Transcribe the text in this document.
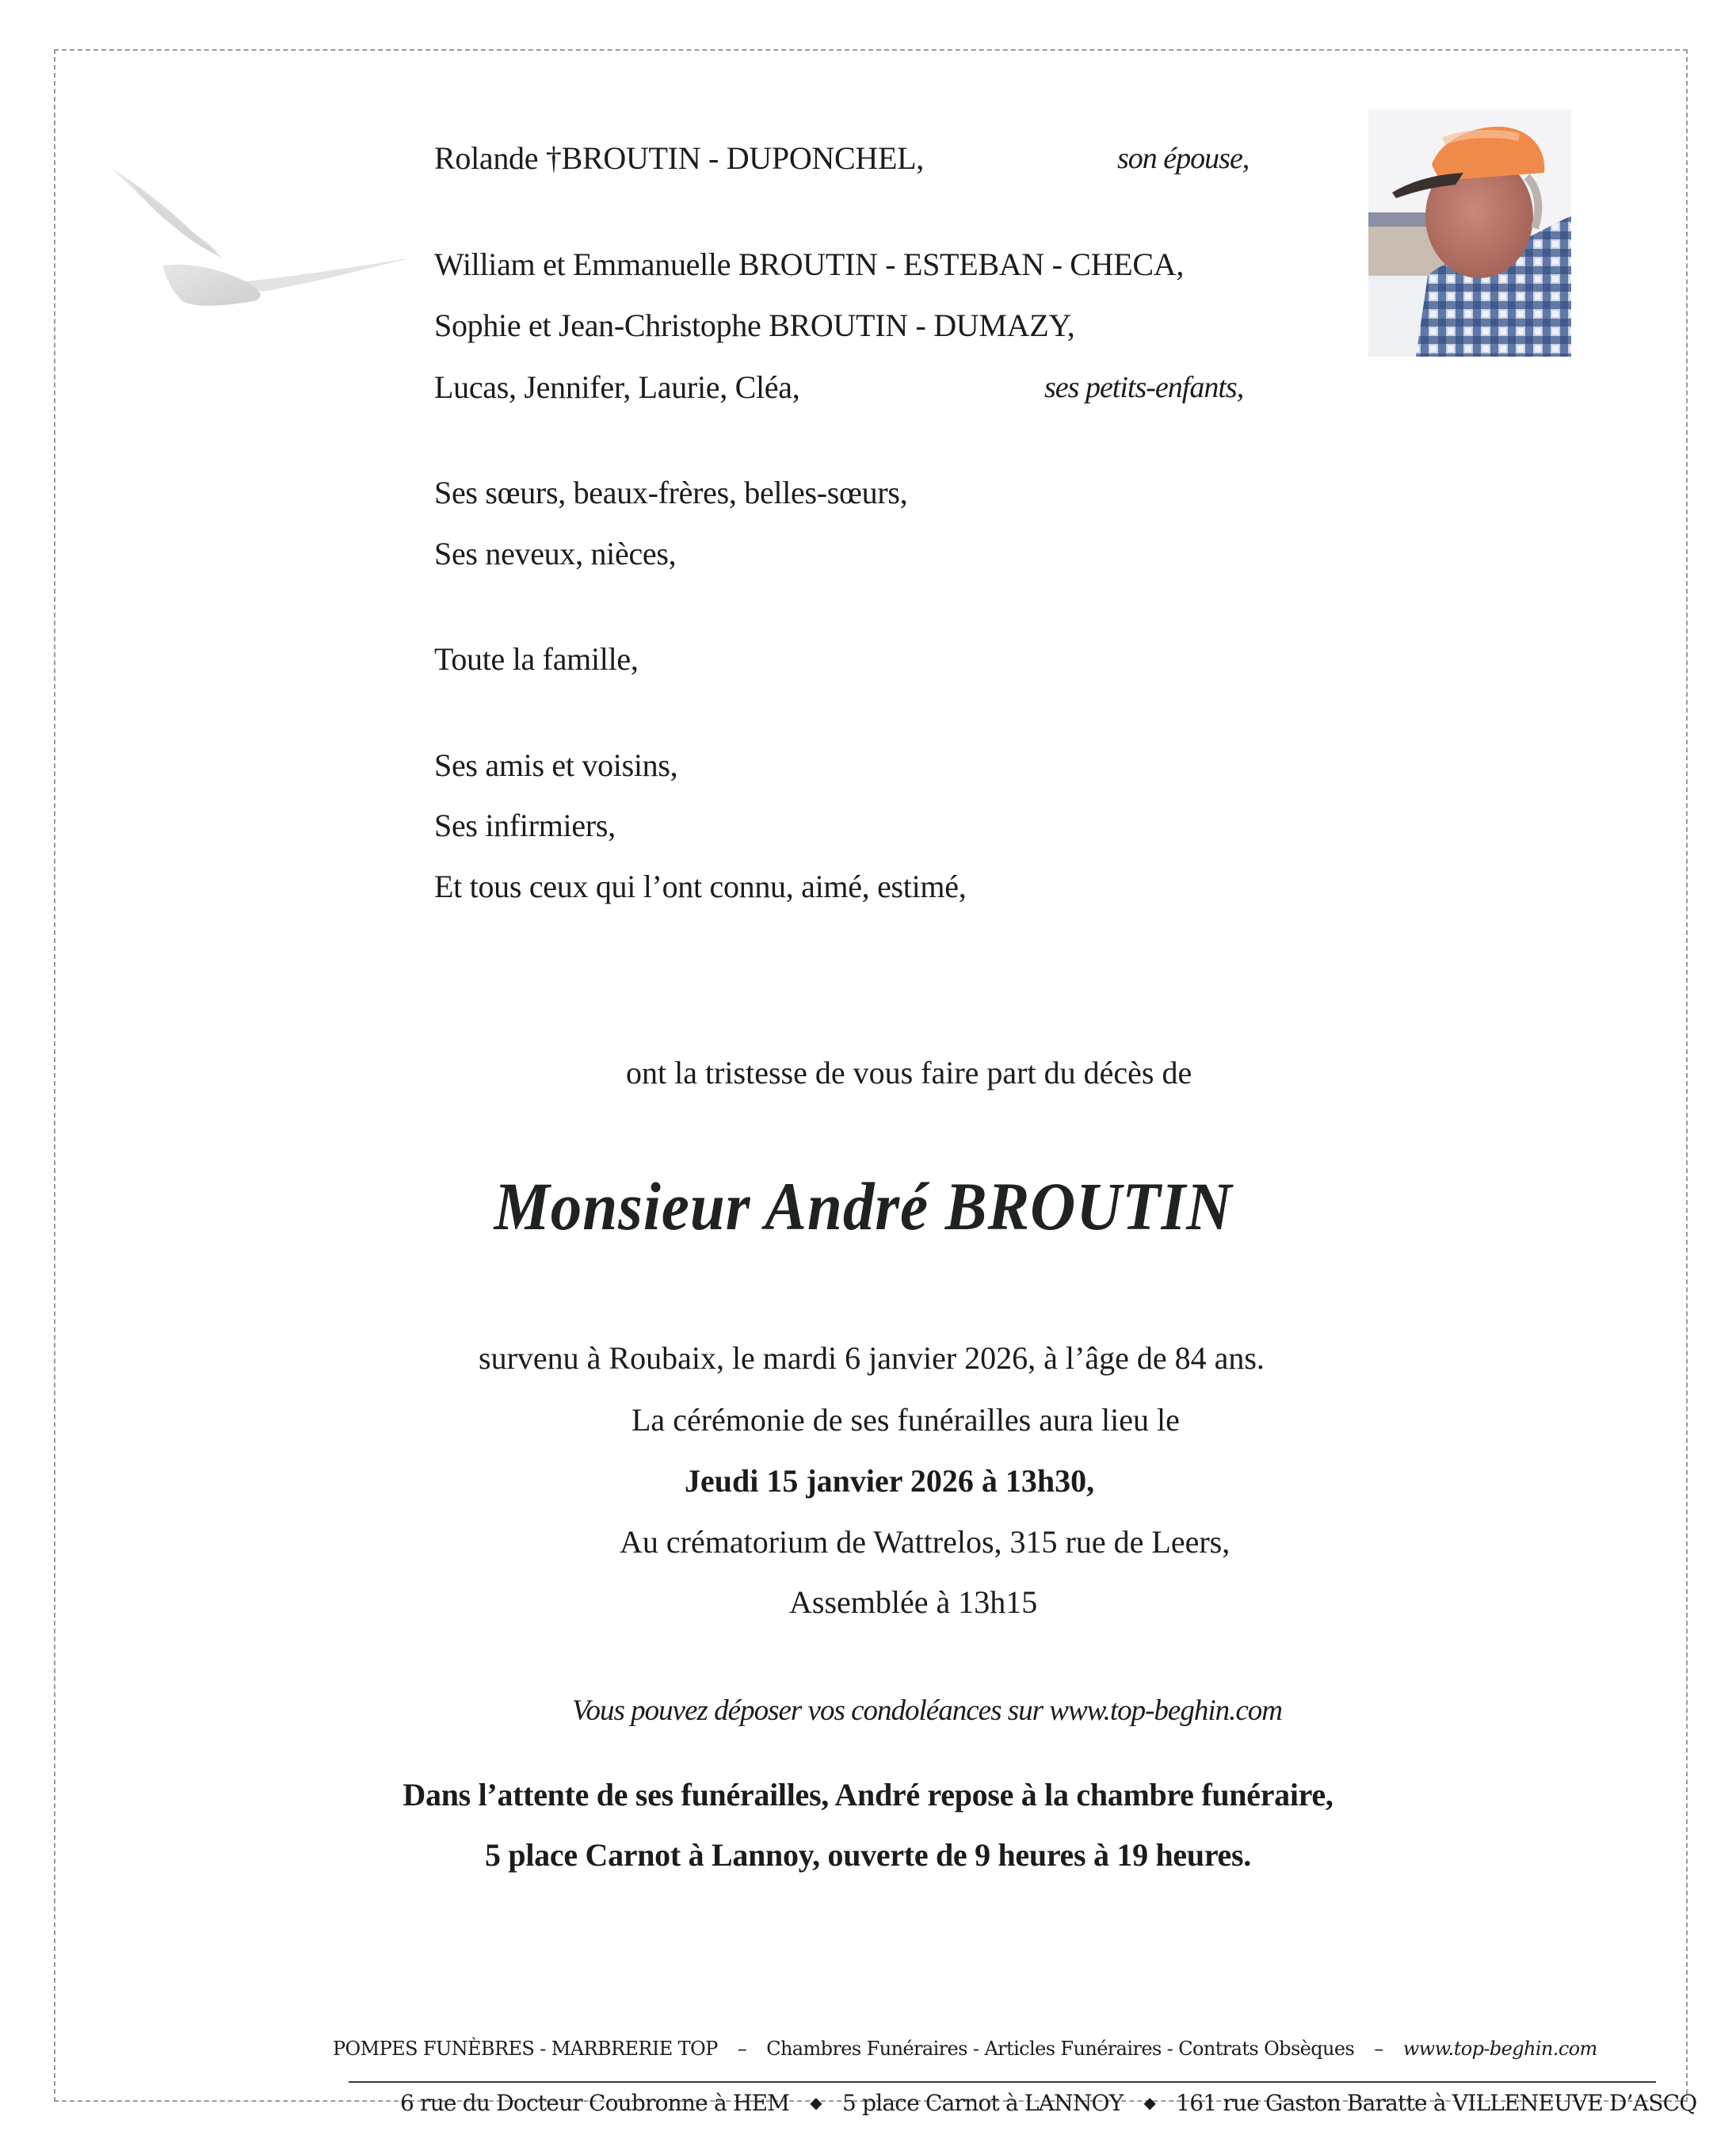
Rolande †BROUTIN - DUPONCHEL,	son épouse,
William et Emmanuelle BROUTIN - ESTEBAN - CHECA,
Sophie et Jean-Christophe BROUTIN - DUMAZY,
Lucas, Jennifer, Laurie, Cléa,	ses petits-enfants,
Ses sœurs, beaux-frères, belles-sœurs,
Ses neveux, nièces,
Toute la famille,
Ses amis et voisins,
Ses infirmiers,
Et tous ceux qui l’ont connu, aimé, estimé,
ont la tristesse de vous faire part du décès de
Monsieur André BROUTIN
survenu à Roubaix, le mardi 6 janvier 2026, à l’âge de 84 ans.
La cérémonie de ses funérailles aura lieu le
Jeudi 15 janvier 2026 à 13h30,
Au crématorium de Wattrelos, 315 rue de Leers,
Assemblée à 13h15
Vous pouvez déposer vos condoléances sur www.top-beghin.com
Dans l’attente de ses funérailles, André repose à la chambre funéraire,
5 place Carnot à Lannoy, ouverte de 9 heures à 19 heures.
POMPES FUNÈBRES - MARBRERIE TOP – Chambres Funéraires - Articles Funéraires - Contrats Obsèques – www.top-beghin.com
6 rue du Docteur Coubronne à HEM ◆ 5 place Carnot à LANNOY ◆ 161 rue Gaston Baratte à VILLENEUVE D’ASCQ
